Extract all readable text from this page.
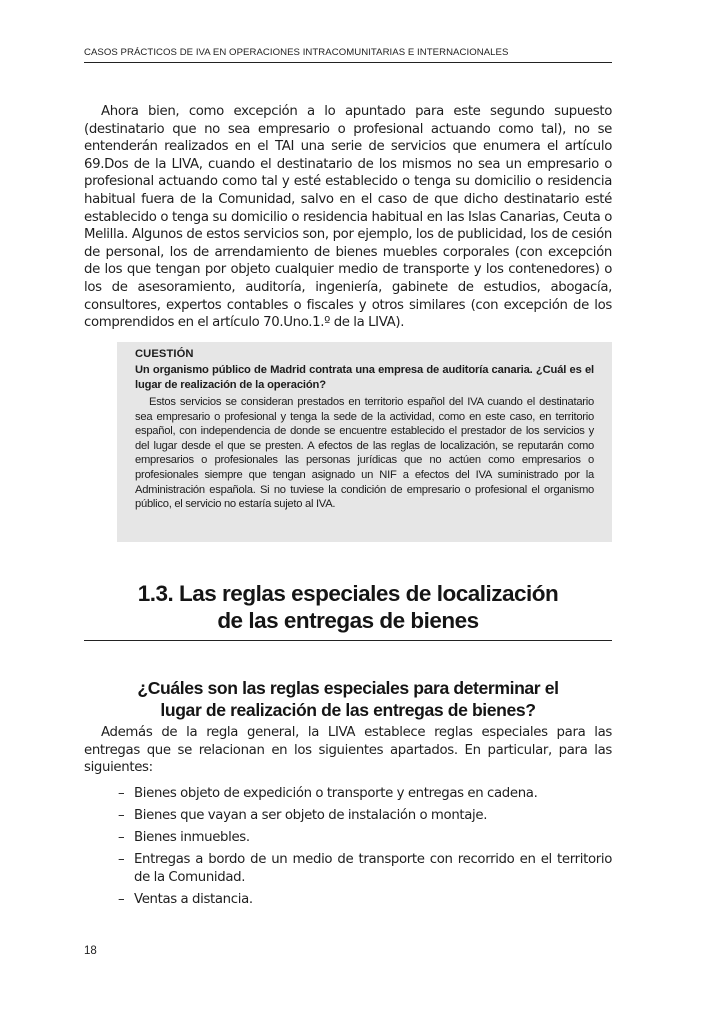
CASOS PRÁCTICOS DE IVA EN OPERACIONES INTRACOMUNITARIAS E INTERNACIONALES

Ahora bien, como excepción a lo apuntado para este segundo supuesto (destinatario que no sea empresario o profesional actuando como tal), no se entenderán realizados en el TAI una serie de servicios que enumera el artículo 69.Dos de la LIVA, cuando el destinatario de los mismos no sea un empresario o profesional actuando como tal y esté establecido o tenga su domicilio o residencia habitual fuera de la Comunidad, salvo en el caso de que dicho destinatario esté establecido o tenga su domicilio o residencia habitual en las Islas Canarias, Ceuta o Melilla. Algunos de estos servicios son, por ejemplo, los de publicidad, los de cesión de personal, los de arrendamiento de bienes muebles corporales (con excepción de los que tengan por objeto cualquier medio de transporte y los contenedores) o los de asesoramiento, auditoría, ingeniería, gabinete de estudios, abogacía, consultores, expertos contables o fiscales y otros similares (con excepción de los comprendidos en el artículo 70.Uno.1.º de la LIVA).

CUESTIÓN

Un organismo público de Madrid contrata una empresa de auditoría canaria. ¿Cuál es el lugar de realización de la operación?

Estos servicios se consideran prestados en territorio español del IVA cuando el destinatario sea empresario o profesional y tenga la sede de la actividad, como en este caso, en territorio español, con independencia de donde se encuentre establecido el prestador de los servicios y del lugar desde el que se presten. A efectos de las reglas de localización, se reputarán como empresarios o profesionales las personas jurídicas que no actúen como empresarios o profesionales siempre que tengan asignado un NIF a efectos del IVA suministrado por la Administración española. Si no tuviese la condición de empresario o profesional el organismo público, el servicio no estaría sujeto al IVA.

1.3. Las reglas especiales de localización
de las entregas de bienes
¿Cuáles son las reglas especiales para determinar el
lugar de realización de las entregas de bienes?

Además de la regla general, la LIVA establece reglas especiales para las entregas que se relacionan en los siguientes apartados. En particular, para las siguientes:

– Bienes objeto de expedición o transporte y entregas en cadena.
– Bienes que vayan a ser objeto de instalación o montaje.
– Bienes inmuebles.
– Entregas a bordo de un medio de transporte con recorrido en el territorio de la Comunidad.
– Ventas a distancia.
18
